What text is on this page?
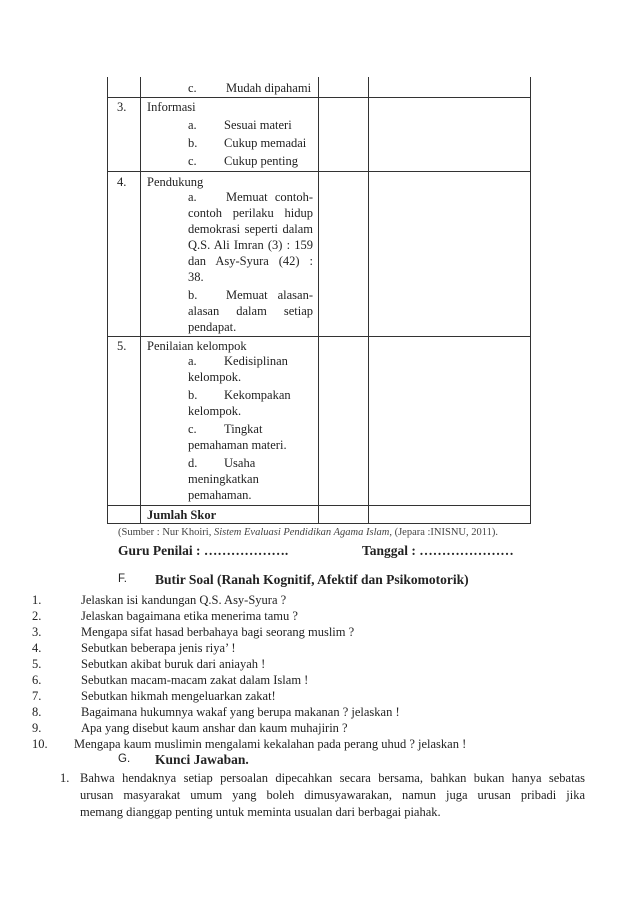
c. Mudah dipahami
3. Informasi
a. Sesuai materi
b. Cukup memadai
c. Cukup penting
4. Pendukung
a. Memuat contoh-
contoh perilaku hidup
demokrasi seperti dalam
Q.S. Ali Imran (3) : 159
dan Asy-Syura (42) :
38.
b. Memuat alasan-
alasan dalam setiap
pendapat.
5. Penilaian kelompok
a. Kedisiplinan
kelompok.
b. Kekompakan
kelompok.
c. Tingkat
pemahaman materi.
d. Usaha
meningkatkan
pemahaman.
Jumlah Skor
(Sumber : Nur Khoiri, Sistem Evaluasi Pendidikan Agama Islam, (Jepara :INISNU, 2011).
Guru Penilai : ……………….	Tanggal : …………………
F. Butir Soal (Ranah Kognitif, Afektif dan Psikomotorik)
1.	Jelaskan isi kandungan Q.S. Asy-Syura ?
2.	Jelaskan bagaimana etika menerima tamu ?
3.	Mengapa sifat hasad berbahaya bagi seorang muslim ?
4.	Sebutkan beberapa jenis riya’ !
5.	Sebutkan akibat buruk dari aniayah !
6.	Sebutkan macam-macam zakat dalam Islam !
7.	Sebutkan hikmah mengeluarkan zakat!
8.	Bagaimana hukumnya wakaf yang berupa makanan ? jelaskan !
9.	Apa yang disebut kaum anshar dan kaum muhajirin ?
10. Mengapa kaum muslimin mengalami kekalahan pada perang uhud ? jelaskan !
G. Kunci Jawaban.
1. Bahwa hendaknya setiap persoalan dipecahkan secara bersama, bahkan bukan hanya sebatas
urusan masyarakat umum yang boleh dimusyawarakan, namun juga urusan pribadi jika
memang dianggap penting untuk meminta usualan dari berbagai piahak.
